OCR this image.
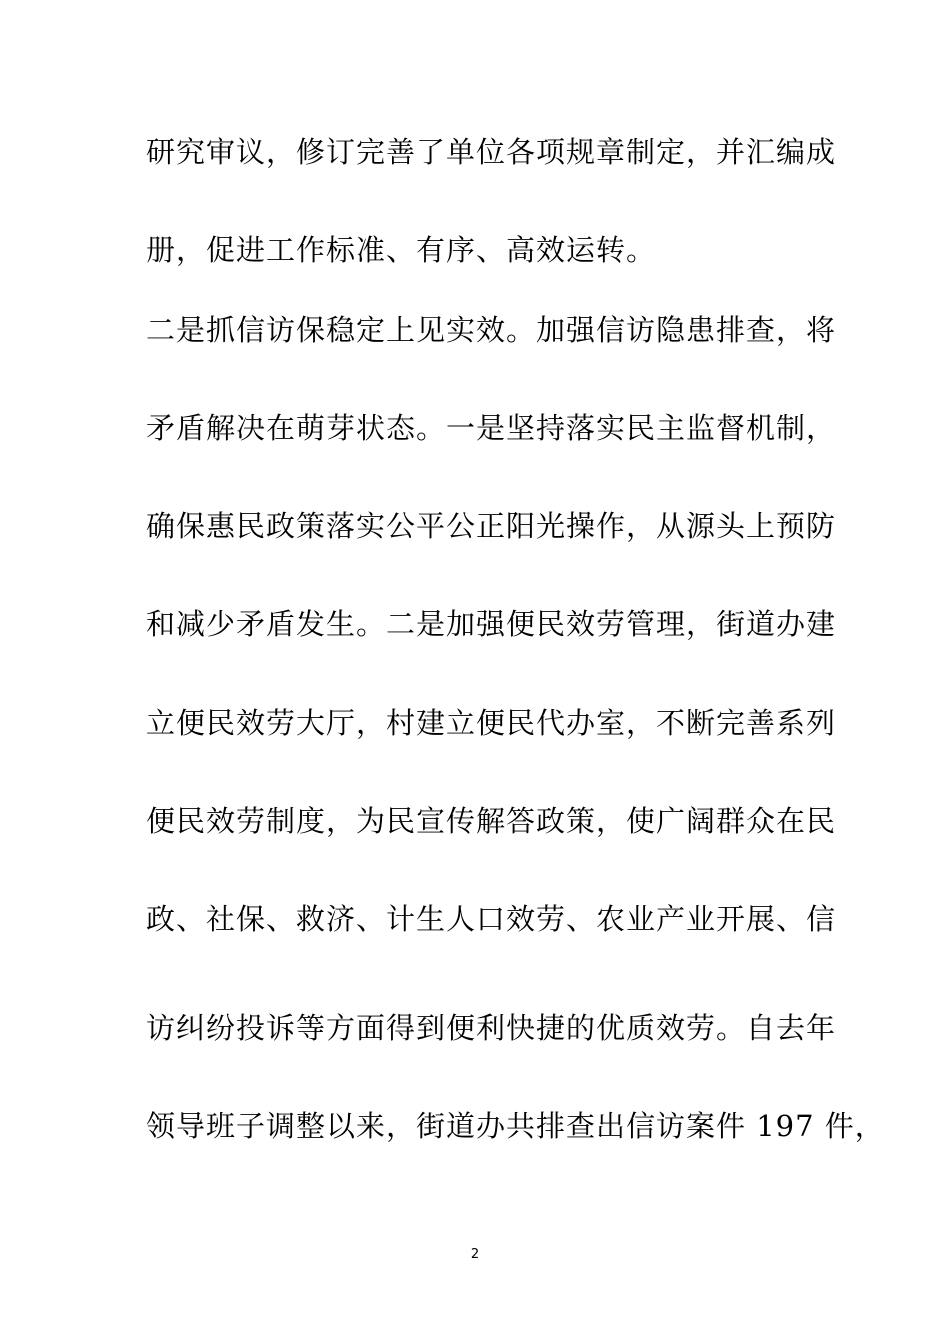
研究审议，修订完善了单位各项规章制定，并汇编成
册，促进工作标准、有序、高效运转。
二是抓信访保稳定上见实效。加强信访隐患排查，将
矛盾解决在萌芽状态。一是坚持落实民主监督机制，
确保惠民政策落实公平公正阳光操作，从源头上预防
和减少矛盾发生。二是加强便民效劳管理，街道办建
立便民效劳大厅，村建立便民代办室，不断完善系列
便民效劳制度，为民宣传解答政策，使广阔群众在民
政、社保、救济、计生人口效劳、农业产业开展、信
访纠纷投诉等方面得到便利快捷的优质效劳。自去年
领导班子调整以来，街道办共排查出信访案件 197 件，
2
